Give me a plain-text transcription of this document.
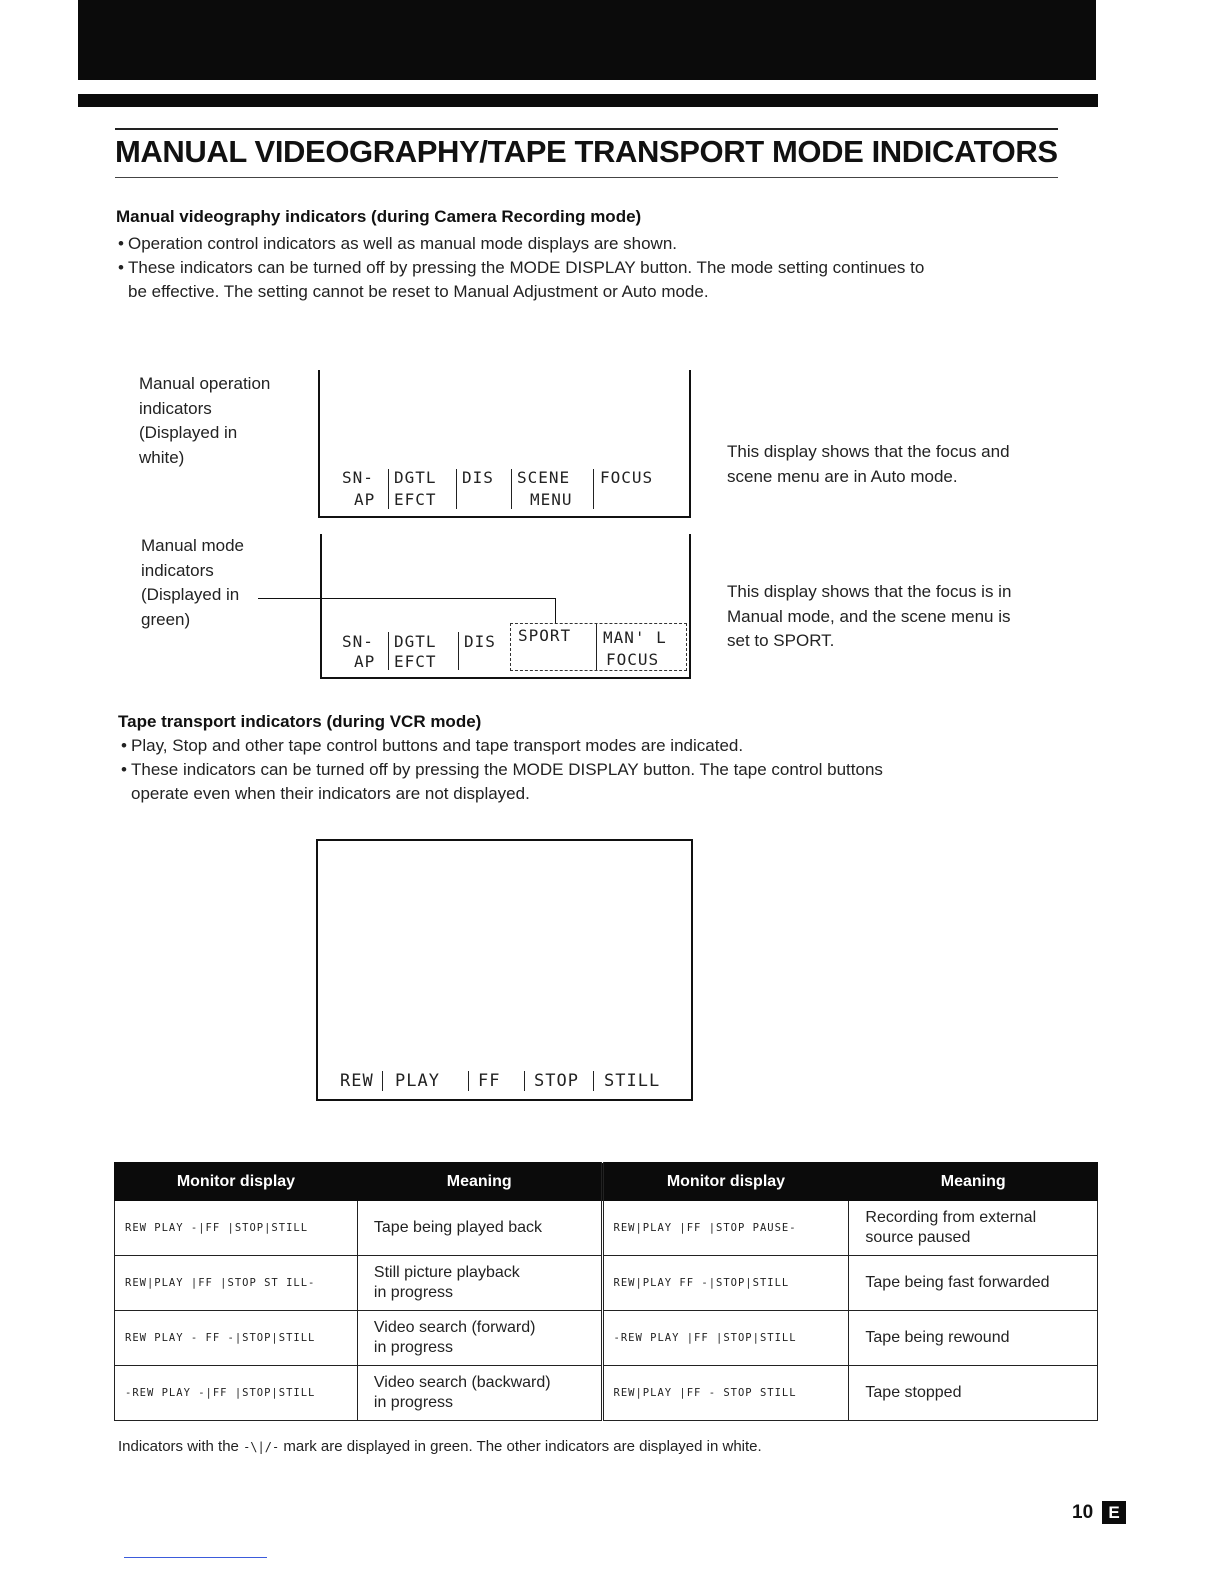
MANUAL VIDEOGRAPHY/TAPE TRANSPORT MODE INDICATORS
Manual videography indicators (during Camera Recording mode)
• Operation control indicators as well as manual mode displays are shown.
• These indicators can be turned off by pressing the MODE DISPLAY button. The mode setting continues to
be effective. The setting cannot be reset to Manual Adjustment or Auto mode.
Manual operation
indicators
(Displayed in
white)
SN-
AP
DGTL
EFCT
DIS SCENE
MENU
FOCUS
This display shows that the focus and
scene menu are in Auto mode.
Manual mode
indicators
(Displayed in
green)
SN-
AP
DGTL
EFCT
DIS SPORT MAN' L
FOCUS
This display shows that the focus is in
Manual mode, and the scene menu is
set to SPORT.
Tape transport indicators (during VCR mode)
• Play, Stop and other tape control buttons and tape transport modes are indicated.
• These indicators can be turned off by pressing the MODE DISPLAY button. The tape control buttons
operate even when their indicators are not displayed.
REW PLAY FF STOP STILL
Monitor display	Meaning	Monitor display	Meaning
REW PLAY -|FF |STOP|STILL	Tape being played back	REW|PLAY |FF |STOP PAUSE-	Recording from external
source paused

REW|PLAY |FF |STOP ST ILL-	Still picture playback
in progress	REW|PLAY FF -|STOP|STILL	Tape being fast forwarded

REW PLAY - FF -|STOP|STILL	Video search (forward)
in progress	-REW PLAY |FF |STOP|STILL	Tape being rewound

-REW PLAY -|FF |STOP|STILL	Video search (backward)
in progress	REW|PLAY |FF - STOP STILL	Tape stopped
Indicators with the -\|/- mark are displayed in green. The other indicators are displayed in white.
10 E
